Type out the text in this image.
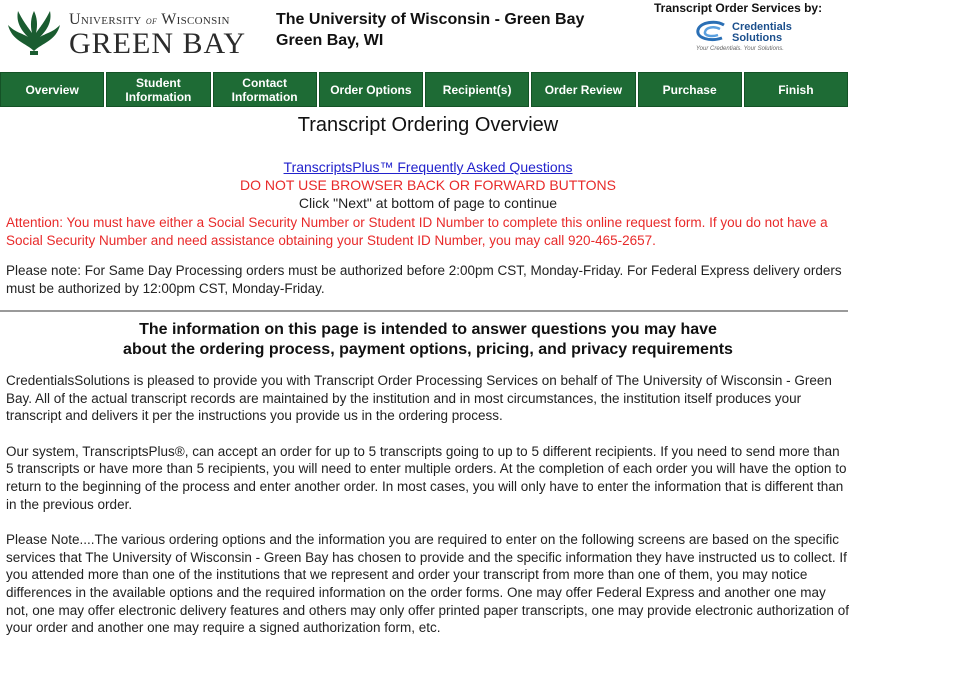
University of Wisconsin
GREEN BAY
The University of Wisconsin - Green Bay
Green Bay, WI
Transcript Order Services by:
Credentials
Solutions
Your Credentials. Your Solutions.
Overview	Student Information
Contact Information	Order Options	Recipient(s)	Order Review	Purchase	Finish
Transcript Ordering Overview
TranscriptsPlus™ Frequently Asked Questions
DO NOT USE BROWSER BACK OR FORWARD BUTTONS
Click "Next" at bottom of page to continue
Attention: You must have either a Social Security Number or Student ID Number to complete this online request form. If you do not have a Social Security Number and need assistance obtaining your Student ID Number, you may call 920-465-2657.
Please note: For Same Day Processing orders must be authorized before 2:00pm CST, Monday-Friday. For Federal Express delivery orders must be authorized by 12:00pm CST, Monday-Friday.
The information on this page is intended to answer questions you may have
about the ordering process, payment options, pricing, and privacy requirements
CredentialsSolutions is pleased to provide you with Transcript Order Processing Services on behalf of The University of Wisconsin - Green Bay. All of the actual transcript records are maintained by the institution and in most circumstances, the institution itself produces your transcript and delivers it per the instructions you provide us in the ordering process.
Our system, TranscriptsPlus®, can accept an order for up to 5 transcripts going to up to 5 different recipients. If you need to send more than 5 transcripts or have more than 5 recipients, you will need to enter multiple orders. At the completion of each order you will have the option to return to the beginning of the process and enter another order. In most cases, you will only have to enter the information that is different than in the previous order.
Please Note....The various ordering options and the information you are required to enter on the following screens are based on the specific services that The University of Wisconsin - Green Bay has chosen to provide and the specific information they have instructed us to collect. If you attended more than one of the institutions that we represent and order your transcript from more than one of them, you may notice differences in the available options and the required information on the order forms. One may offer Federal Express and another one may not, one may offer electronic delivery features and others may only offer printed paper transcripts, one may provide electronic authorization of your order and another one may require a signed authorization form, etc.
